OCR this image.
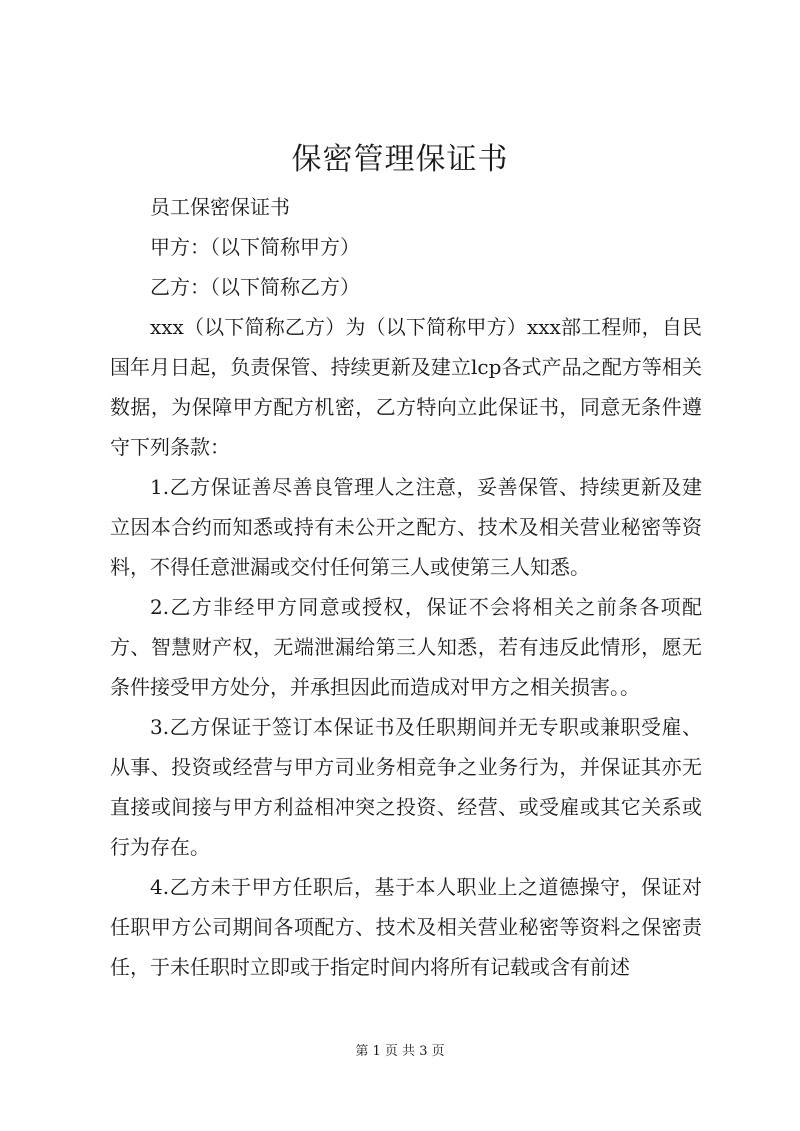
保密管理保证书

员工保密保证书

甲方：（以下简称甲方）

乙方：（以下简称乙方）

xxx（以下简称乙方）为（以下简称甲方）xxx部工程师，自民国年月日起，负责保管、持续更新及建立lcp各式产品之配方等相关数据，为保障甲方配方机密，乙方特向立此保证书，同意无条件遵守下列条款：

1.乙方保证善尽善良管理人之注意，妥善保管、持续更新及建立因本合约而知悉或持有未公开之配方、技术及相关营业秘密等资料，不得任意泄漏或交付任何第三人或使第三人知悉。

2.乙方非经甲方同意或授权，保证不会将相关之前条各项配方、智慧财产权，无端泄漏给第三人知悉，若有违反此情形，愿无条件接受甲方处分，并承担因此而造成对甲方之相关损害。。

3.乙方保证于签订本保证书及任职期间并无专职或兼职受雇、从事、投资或经营与甲方司业务相竞争之业务行为，并保证其亦无直接或间接与甲方利益相冲突之投资、经营、或受雇或其它关系或行为存在。

4.乙方未于甲方任职后，基于本人职业上之道德操守，保证对任职甲方公司期间各项配方、技术及相关营业秘密等资料之保密责任，于未任职时立即或于指定时间内将所有记载或含有前述

第 1 页 共 3 页
